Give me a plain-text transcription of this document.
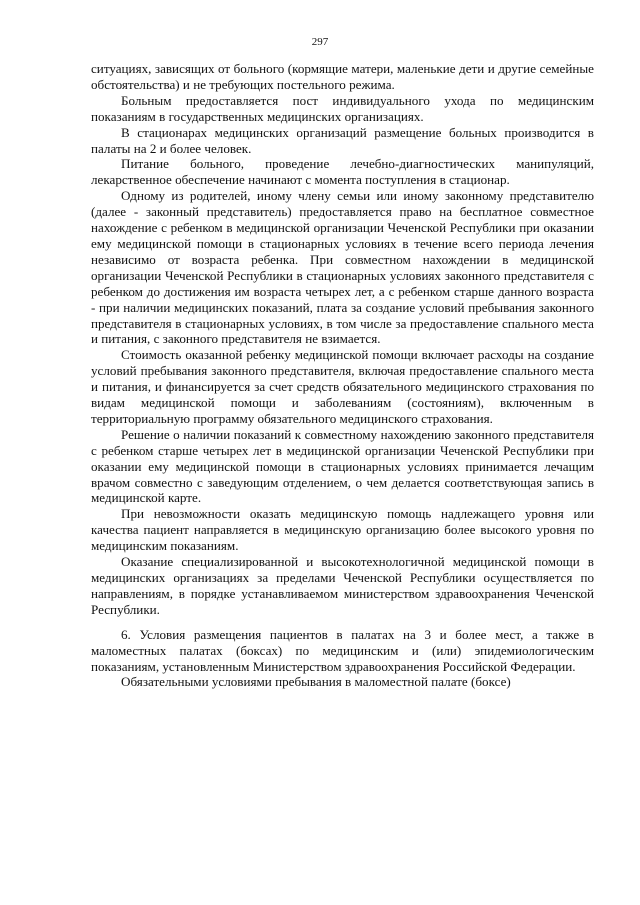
297

ситуациях, зависящих от больного (кормящие матери, маленькие дети и другие семейные обстоятельства) и не требующих постельного режима.

Больным предоставляется пост индивидуального ухода по медицинским показаниям в государственных медицинских организациях.

В стационарах медицинских организаций размещение больных производится в палаты на 2 и более человек.

Питание больного, проведение лечебно-диагностических манипуляций, лекарственное обеспечение начинают с момента поступления в стационар.

Одному из родителей, иному члену семьи или иному законному представителю (далее - законный представитель) предоставляется право на бесплатное совместное нахождение с ребенком в медицинской организации Чеченской Республики при оказании ему медицинской помощи в стационарных условиях в течение всего периода лечения независимо от возраста ребенка. При совместном нахождении в медицинской организации Чеченской Республики в стационарных условиях законного представителя с ребенком до достижения им возраста четырех лет, а с ребенком старше данного возраста - при наличии медицинских показаний, плата за создание условий пребывания законного представителя в стационарных условиях, в том числе за предоставление спального места и питания, с законного представителя не взимается.

Стоимость оказанной ребенку медицинской помощи включает расходы на создание условий пребывания законного представителя, включая предоставление спального места и питания, и финансируется за счет средств обязательного медицинского страхования по видам медицинской помощи и заболеваниям (состояниям), включенным в территориальную программу обязательного медицинского страхования.

Решение о наличии показаний к совместному нахождению законного представителя с ребенком старше четырех лет в медицинской организации Чеченской Республики при оказании ему медицинской помощи в стационарных условиях принимается лечащим врачом совместно с заведующим отделением, о чем делается соответствующая запись в медицинской карте.

При невозможности оказать медицинскую помощь надлежащего уровня или качества пациент направляется в медицинскую организацию более высокого уровня по медицинским показаниям.

Оказание специализированной и высокотехнологичной медицинской помощи в медицинских организациях за пределами Чеченской Республики осуществляется по направлениям, в порядке устанавливаемом министерством здравоохранения Чеченской Республики.

6. Условия размещения пациентов в палатах на 3 и более мест, а также в маломестных палатах (боксах) по медицинским и (или) эпидемиологическим показаниям, установленным Министерством здравоохранения Российской Федерации.

Обязательными условиями пребывания в маломестной палате (боксе)
